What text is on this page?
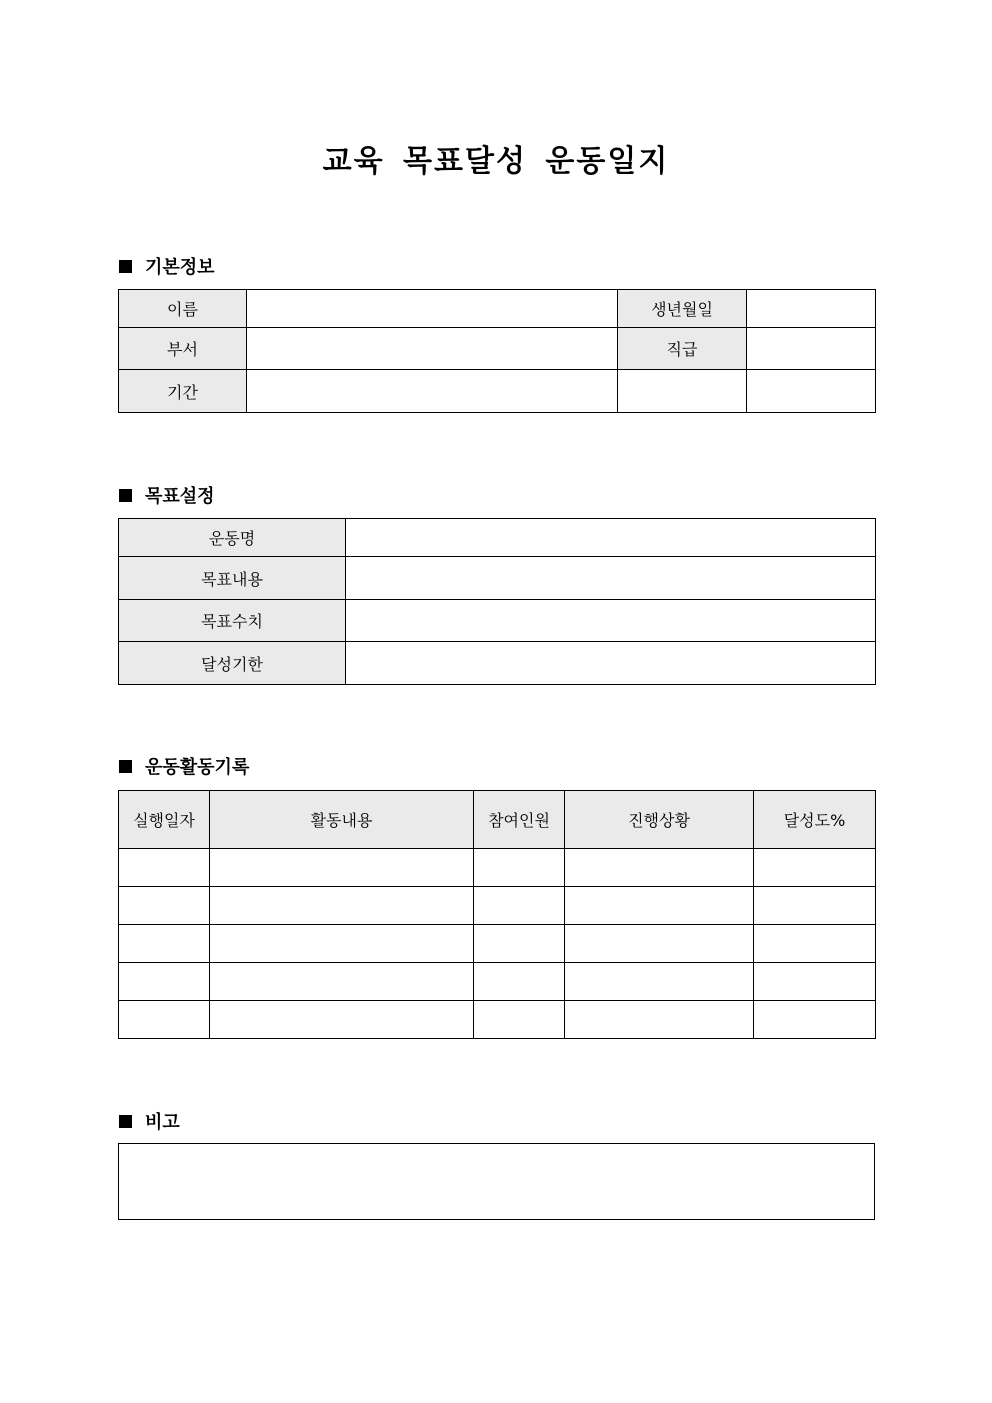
교육 목표달성 운동일지
기본정보
이름		생년월일	
부서		직급	
기간			
목표설정
운동명	
목표내용	
목표수치	
달성기한	
운동활동기록
실행일자	활동내용	참여인원	진행상황	달성도%

비고
